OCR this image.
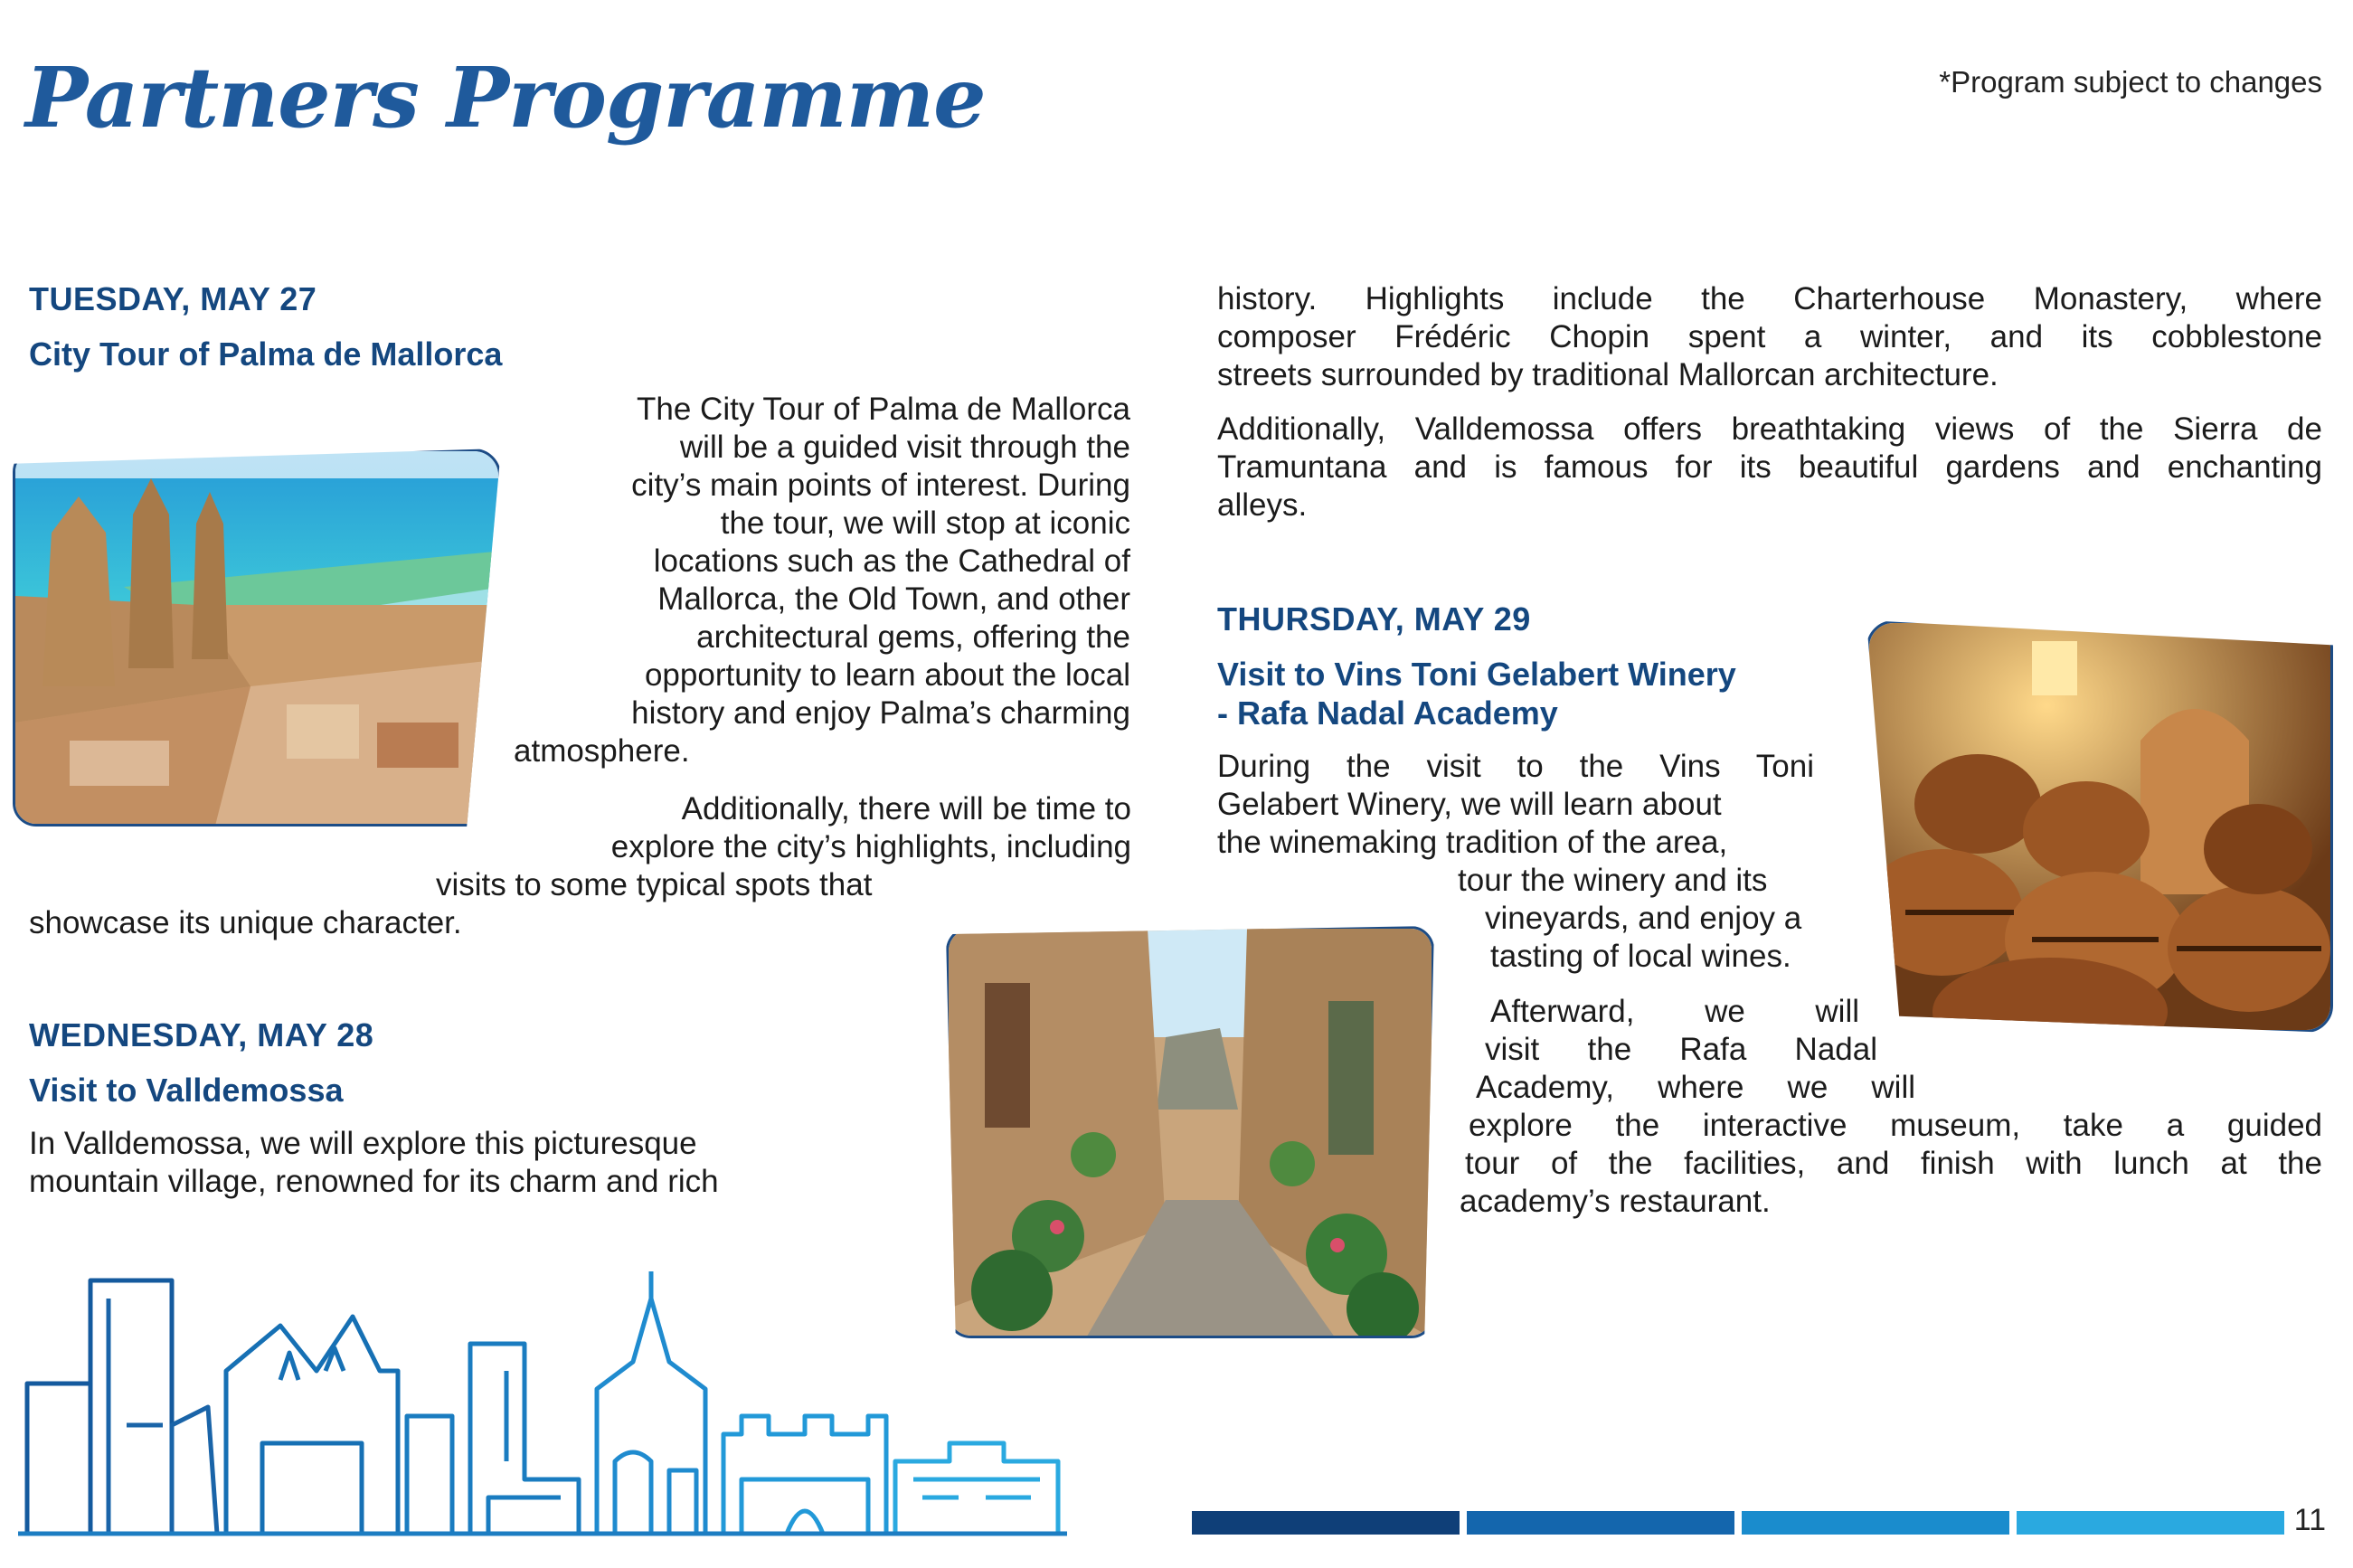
Partners Programme	*Program subject to changes
TUESDAY, MAY 27
City Tour of Palma de Mallorca
The City Tour of Palma de Mallorca
will be a guided visit through the
city’s main points of interest. During
the tour, we will stop at iconic
locations such as the Cathedral of
Mallorca, the Old Town, and other
architectural gems, offering the
opportunity to learn about the local
history and enjoy Palma’s charming
atmosphere.
Additionally, there will be time to
explore the city’s highlights, including
visits to some typical spots that
showcase its unique character.
WEDNESDAY, MAY 28
Visit to Valldemossa
In Valldemossa, we will explore this picturesque
mountain village, renowned for its charm and rich
history. Highlights include the Charterhouse Monastery, where
composer Frédéric Chopin spent a winter, and its cobblestone
streets surrounded by traditional Mallorcan architecture.
Additionally, Valldemossa offers breathtaking views of the Sierra de
Tramuntana and is famous for its beautiful gardens and enchanting
alleys.
THURSDAY, MAY 29
Visit to Vins Toni Gelabert Winery
- Rafa Nadal Academy
During the visit to the Vins Toni
Gelabert Winery, we will learn about
the winemaking tradition of the area,
tour the winery and its
vineyards, and enjoy a
tasting of local wines.
Afterward, we will
visit the Rafa Nadal
Academy, where we will
explore the interactive museum, take a guided
tour of the facilities, and finish with lunch at the
academy’s restaurant.
11
